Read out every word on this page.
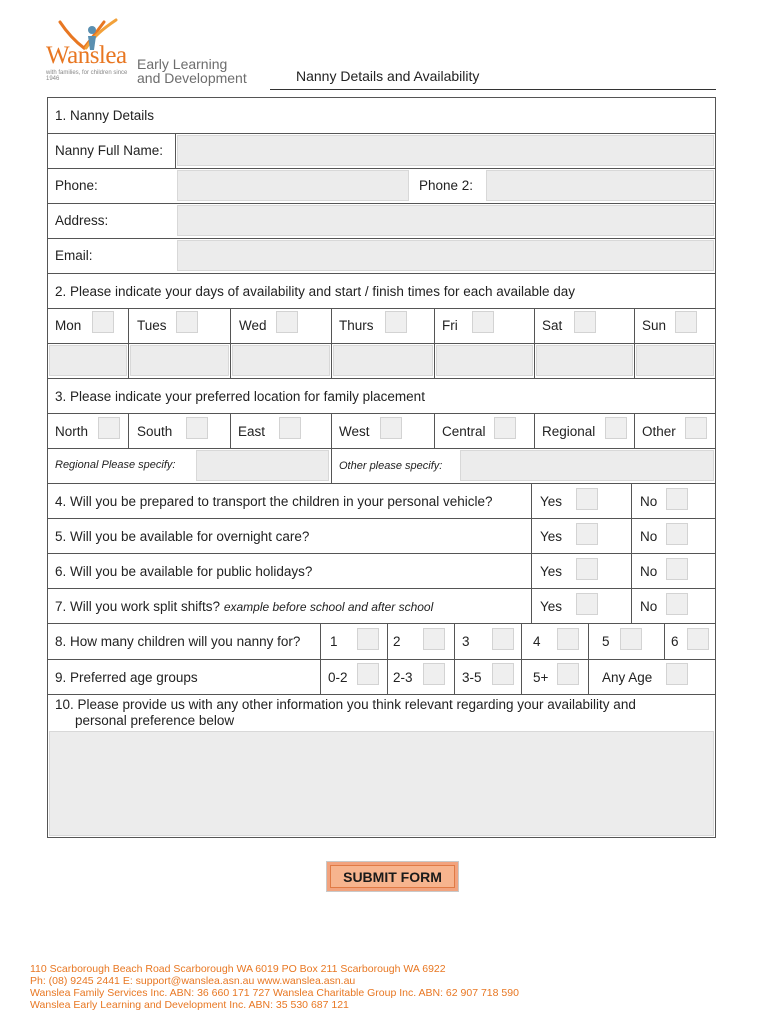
Wanslea Early Learning
and Development
with families, for children since 1946	Nanny Details and Availability
1. Nanny Details
Nanny Full Name:
Phone:	Phone 2:
Address:
Email:
2. Please indicate your days of availability and start / finish times for each available day
Mon	Tues	Wed	Thurs	Fri	Sat	Sun
3. Please indicate your preferred location for family placement
North	South	East	West	Central	Regional	Other
Regional Please specify:	Other please specify:
4. Will you be prepared to transport the children in your personal vehicle?	Yes	No
5. Will you be available for overnight care?	Yes	No
6. Will you be available for public holidays?	Yes	No
7. Will you work split shifts? example before school and after school	Yes	No
8. How many children will you nanny for? 1	2	3	4	5	6
9. Preferred age groups	0-2	2-3	3-5	5+	Any Age
10. Please provide us with any other information you think relevant regarding your availability and
personal preference below
SUBMIT FORM
110 Scarborough Beach Road Scarborough WA 6019 PO Box 211 Scarborough WA 6922
Ph: (08) 9245 2441 E: support@wanslea.asn.au www.wanslea.asn.au
Wanslea Family Services Inc. ABN: 36 660 171 727 Wanslea Charitable Group Inc. ABN: 62 907 718 590
Wanslea Early Learning and Development Inc. ABN: 35 530 687 121
